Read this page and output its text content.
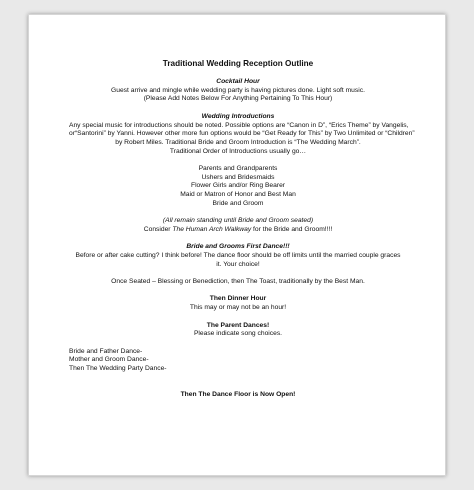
Traditional Wedding Reception Outline
Cocktail Hour
Guest arrive and mingle while wedding party is having pictures done. Light soft music.
(Please Add Notes Below For Anything Pertaining To This Hour)
Wedding Introductions
Any special music for introductions should be noted. Possible options are “Canon in D”, “Erics Theme” by Vangelis,
or“Santorini” by Yanni. However other more fun options would be “Get Ready for This” by Two Unlimited or “Children”
by Robert Miles. Traditional Bride and Groom Introduction is “The Wedding March”.
Traditional Order of Introductions usually go…
Parents and Grandparents
Ushers and Bridesmaids
Flower Girls and/or Ring Bearer
Maid or Matron of Honor and Best Man
Bride and Groom
(All remain standing until Bride and Groom seated)
Consider The Human Arch Walkway for the Bride and Groom!!!!
Bride and Grooms First Dance!!!
Before or after cake cutting? I think before! The dance floor should be off limits until the married couple graces
it. Your choice!
Once Seated – Blessing or Benediction, then The Toast, traditionally by the Best Man.
Then Dinner Hour
This may or may not be an hour!
The Parent Dances!
Please indicate song choices.
Bride and Father Dance-
Mother and Groom Dance-
Then The Wedding Party Dance-
Then The Dance Floor is Now Open!
